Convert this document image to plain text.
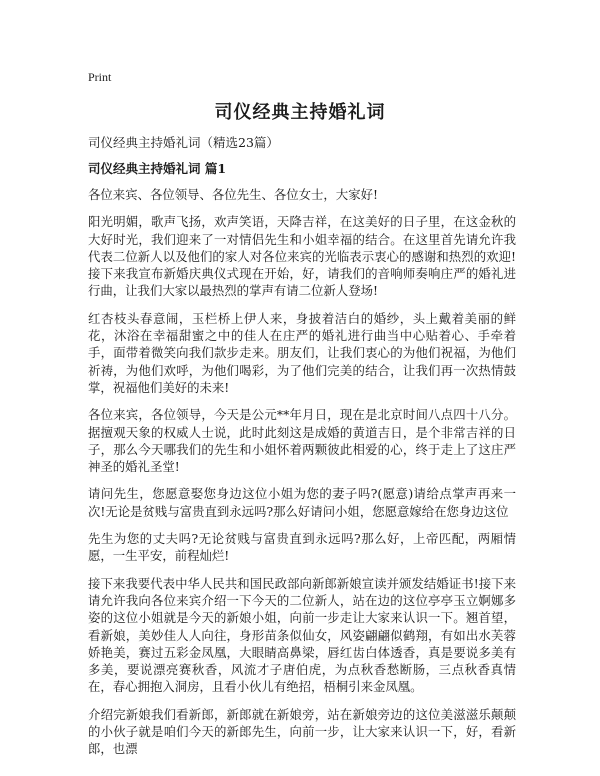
Print
司仪经典主持婚礼词
司仪经典主持婚礼词（精选23篇）
司仪经典主持婚礼词 篇1

各位来宾、各位领导、各位先生、各位女士，大家好!

阳光明媚，歌声飞扬，欢声笑语，天降吉祥，在这美好的日子里，在这金秋的大好时光，我们迎来了一对情侣先生和小姐幸福的结合。在这里首先请允许我代表二位新人以及他们的家人对各位来宾的光临表示衷心的感谢和热烈的欢迎!接下来我宣布新婚庆典仪式现在开始，好，请我们的音响师奏响庄严的婚礼进行曲，让我们大家以最热烈的掌声有请二位新人登场!

红杏枝头春意闹，玉栏桥上伊人来，身披着洁白的婚纱，头上戴着美丽的鲜花，沐浴在幸福甜蜜之中的佳人在庄严的婚礼进行曲当中心贴着心、手牵着手，面带着微笑向我们款步走来。朋友们，让我们衷心的为他们祝福，为他们祈祷，为他们欢呼，为他们喝彩，为了他们完美的结合，让我们再一次热情鼓掌，祝福他们美好的未来!

各位来宾，各位领导，今天是公元**年月日，现在是北京时间八点四十八分。据擅观天象的权威人士说，此时此刻这是成婚的黄道吉日，是个非常吉祥的日子，那么今天哪我们的先生和小姐怀着两颗彼此相爱的心，终于走上了这庄严神圣的婚礼圣堂!

请问先生，您愿意娶您身边这位小姐为您的妻子吗?(愿意)请给点掌声再来一次!无论是贫贱与富贵直到永远吗?那么好请问小姐，您愿意嫁给在您身边这位

先生为您的丈夫吗?无论贫贱与富贵直到永远吗?那么好，上帝匹配，两厢情愿，一生平安，前程灿烂!

接下来我要代表中华人民共和国民政部向新郎新娘宣读并颁发结婚证书!接下来请允许我向各位来宾介绍一下今天的二位新人，站在边的这位亭亭玉立婀娜多姿的这位小姐就是今天的新娘小姐，向前一步走让大家来认识一下。翘首望，看新娘，美妙佳人人向往，身形苗条似仙女，风姿翩翩似鹤翔，有如出水芙蓉娇艳美，赛过五彩金凤凰，大眼睛高鼻梁，唇红齿白体透香，真是要说多美有多美，要说漂亮赛秋香，风流才子唐伯虎，为点秋香愁断肠，三点秋香真情在，春心拥抱入洞房，且看小伙儿有绝招，梧桐引来金凤凰。

介绍完新娘我们看新郎，新郎就在新娘旁，站在新娘旁边的这位美滋滋乐颠颠的小伙子就是咱们今天的新郎先生，向前一步，让大家来认识一下，好，看新郎，也漂
